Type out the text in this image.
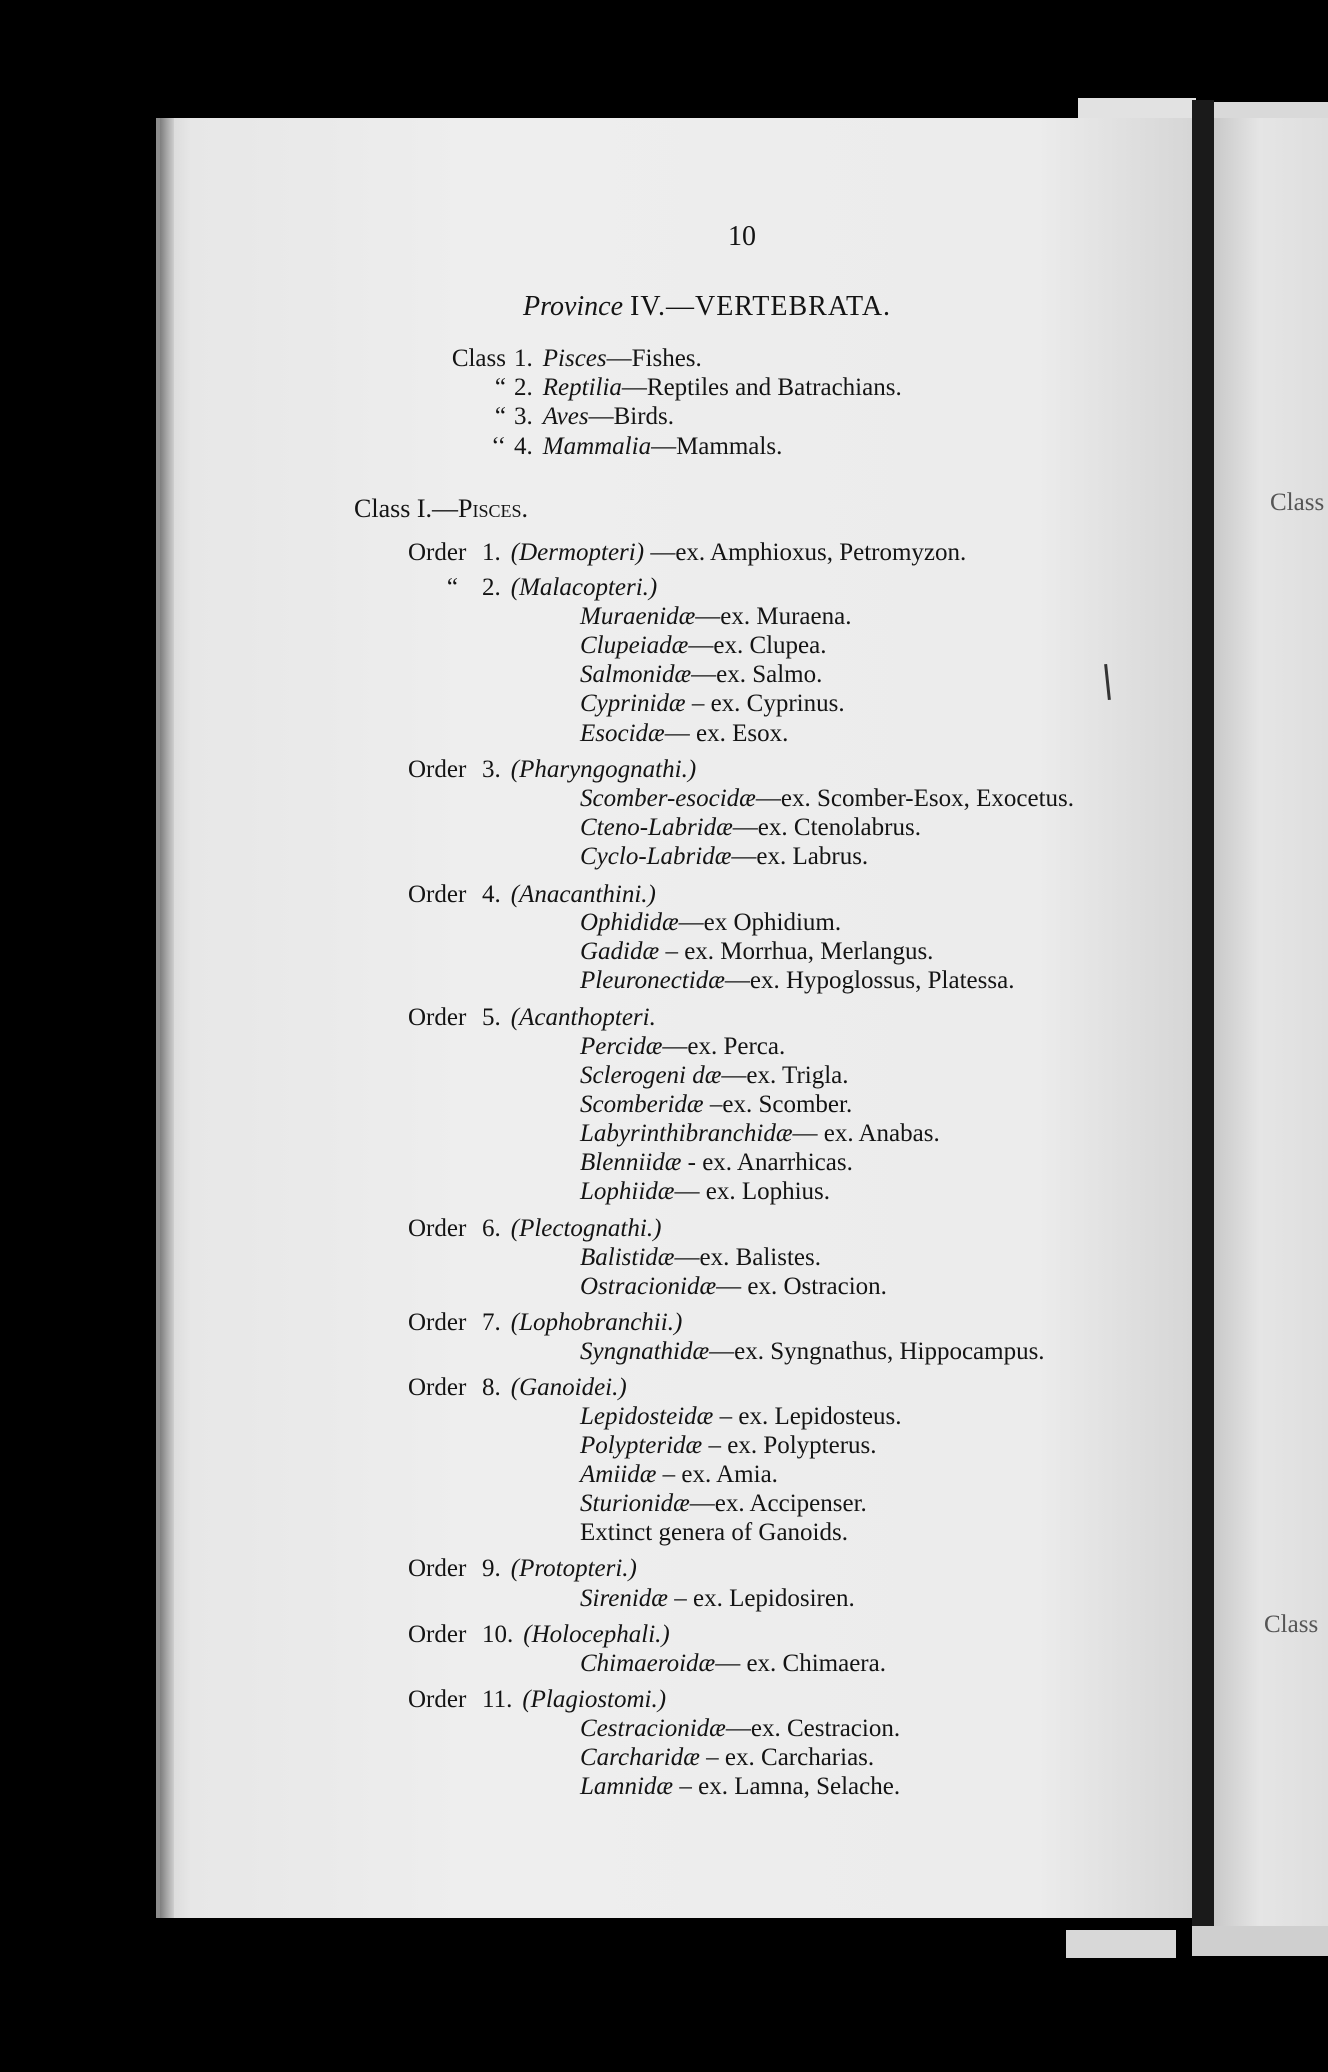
10
Province IV.—VERTEBRATA.
Class 1. Pisces—Fishes.
“ 2. Reptilia—Reptiles and Batrachians.
“ 3. Aves—Birds.
‘‘ 4. Mammalia—Mammals.
Class I.—Pisces.
Order 1. (Dermopteri) —ex. Amphioxus, Petromyzon.
“ 2. (Malacopteri.)
Muraenidæ—ex. Muraena.
Clupeiadæ—ex. Clupea.
Salmonidæ—ex. Salmo.
Cyprinidæ – ex. Cyprinus.
Esocidæ— ex. Esox.
Order 3. (Pharyngognathi.)
Scomber-esocidæ—ex. Scomber-Esox, Exocetus.
Cteno-Labridæ—ex. Ctenolabrus.
Cyclo-Labridæ—ex. Labrus.
Order 4. (Anacanthini.)
Ophididæ—ex Ophidium.
Gadidæ – ex. Morrhua, Merlangus.
Pleuronectidæ—ex. Hypoglossus, Platessa.
Order 5. (Acanthopteri.
Percidæ—ex. Perca.
Sclerogeni dæ—ex. Trigla.
Scomberidæ –ex. Scomber.
Labyrinthibranchidæ— ex. Anabas.
Blenniidæ - ex. Anarrhicas.
Lophiidæ— ex. Lophius.
Order 6. (Plectognathi.)
Balistidæ—ex. Balistes.
Ostracionidæ— ex. Ostracion.
Order 7. (Lophobranchii.)
Syngnathidæ—ex. Syngnathus, Hippocampus.
Order 8. (Ganoidei.)
Lepidosteidæ – ex. Lepidosteus.
Polypteridæ – ex. Polypterus.
Amiidæ – ex. Amia.
Sturionidæ—ex. Accipenser.
Extinct genera of Ganoids.
Order 9. (Protopteri.)
Sirenidæ – ex. Lepidosiren.
Order 10. (Holocephali.)
Chimaeroidæ— ex. Chimaera.
Order 11. (Plagiostomi.)
Cestracionidæ—ex. Cestracion.
Carcharidæ – ex. Carcharias.
Lamnidæ – ex. Lamna, Selache.
Class
Class
